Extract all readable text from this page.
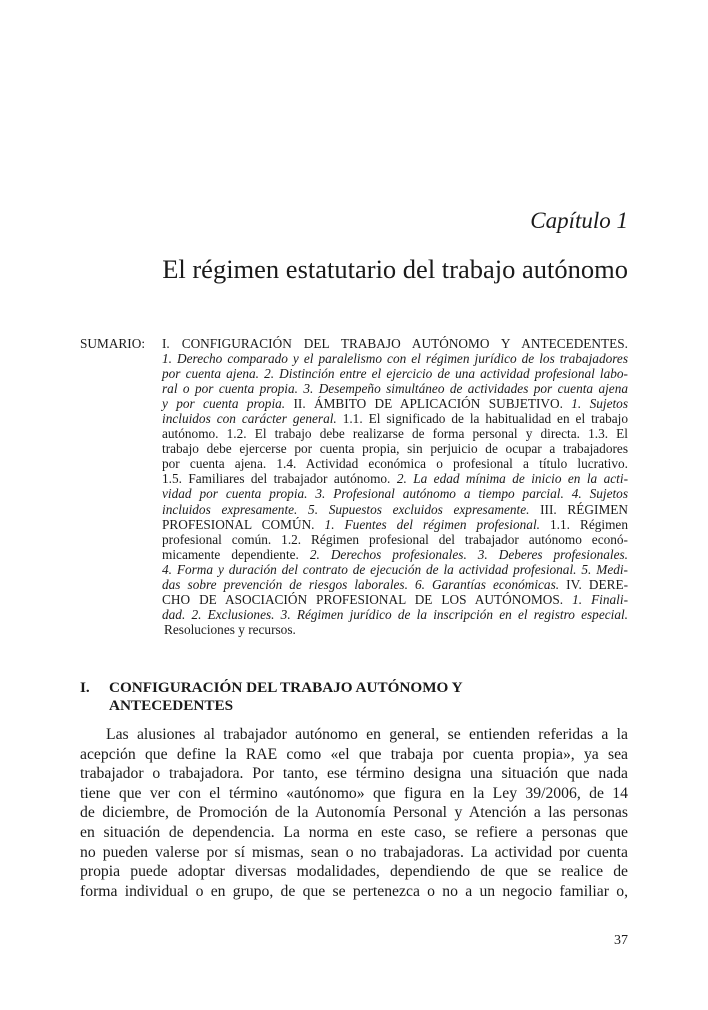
Capítulo 1
El régimen estatutario del trabajo autónomo
SUMARIO: I. CONFIGURACIÓN DEL TRABAJO AUTÓNOMO Y ANTECEDENTES.
1. Derecho comparado y el paralelismo con el régimen jurídico de los trabajadores
por cuenta ajena. 2. Distinción entre el ejercicio de una actividad profesional labo-
ral o por cuenta propia. 3. Desempeño simultáneo de actividades por cuenta ajena
y por cuenta propia. II. ÁMBITO DE APLICACIÓN SUBJETIVO. 1. Sujetos
incluidos con carácter general. 1.1. El significado de la habitualidad en el trabajo
autónomo. 1.2. El trabajo debe realizarse de forma personal y directa. 1.3. El
trabajo debe ejercerse por cuenta propia, sin perjuicio de ocupar a trabajadores
por cuenta ajena. 1.4. Actividad económica o profesional a título lucrativo.
1.5. Familiares del trabajador autónomo. 2. La edad mínima de inicio en la acti-
vidad por cuenta propia. 3. Profesional autónomo a tiempo parcial. 4. Sujetos
incluidos expresamente. 5. Supuestos excluidos expresamente. III. RÉGIMEN
PROFESIONAL COMÚN. 1. Fuentes del régimen profesional. 1.1. Régimen
profesional común. 1.2. Régimen profesional del trabajador autónomo econó-
micamente dependiente. 2. Derechos profesionales. 3. Deberes profesionales.
4. Forma y duración del contrato de ejecución de la actividad profesional. 5. Medi-
das sobre prevención de riesgos laborales. 6. Garantías económicas. IV. DERE-
CHO DE ASOCIACIÓN PROFESIONAL DE LOS AUTÓNOMOS. 1. Finali-
dad. 2. Exclusiones. 3. Régimen jurídico de la inscripción en el registro especial.
Resoluciones y recursos.
I. CONFIGURACIÓN DEL TRABAJO AUTÓNOMO Y
ANTECEDENTES
Las alusiones al trabajador autónomo en general, se entienden referidas a la
acepción que define la RAE como «el que trabaja por cuenta propia», ya sea
trabajador o trabajadora. Por tanto, ese término designa una situación que nada
tiene que ver con el término «autónomo» que figura en la Ley 39/2006, de 14
de diciembre, de Promoción de la Autonomía Personal y Atención a las personas
en situación de dependencia. La norma en este caso, se refiere a personas que
no pueden valerse por sí mismas, sean o no trabajadoras. La actividad por cuenta
propia puede adoptar diversas modalidades, dependiendo de que se realice de
forma individual o en grupo, de que se pertenezca o no a un negocio familiar o,
37
